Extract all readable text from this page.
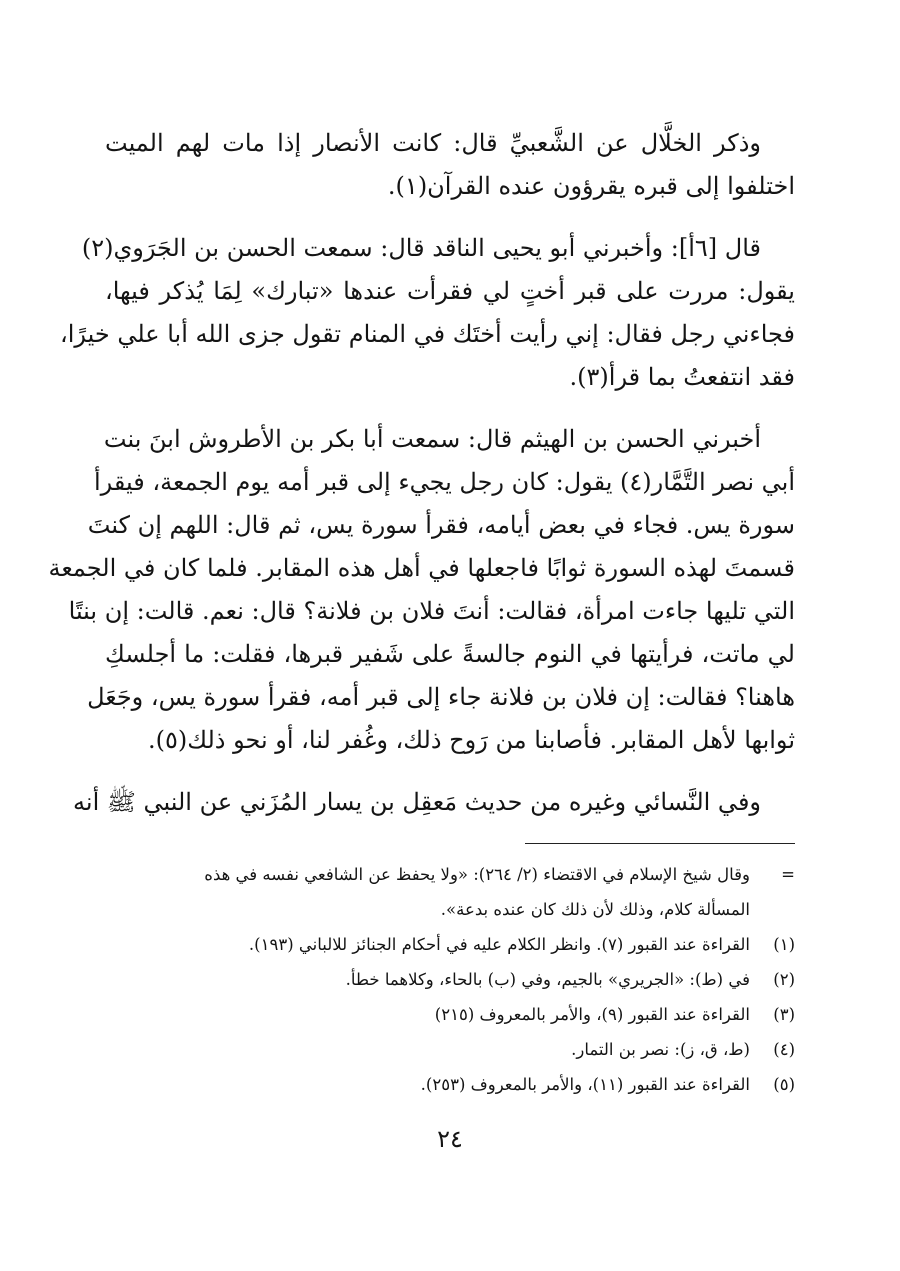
وذكر الخلَّال عن الشَّعبيِّ قال: كانت الأنصار إذا مات لهم الميت
اختلفوا إلى قبره يقرؤون عنده القرآن(١).
قال [٦أ]: وأخبرني أبو يحيى الناقد قال: سمعت الحسن بن الجَرَوي(٢)
يقول: مررت على قبر أختٍ لي فقرأت عندها «تبارك» لِمَا يُذكر فيها،
فجاءني رجل فقال: إني رأيت أختَك في المنام تقول جزى الله أبا علي خيرًا،
فقد انتفعتُ بما قرأ(٣).
أخبرني الحسن بن الهيثم قال: سمعت أبا بكر بن الأطروش ابنَ بنت
أبي نصر التَّمَّار(٤) يقول: كان رجل يجيء إلى قبر أمه يوم الجمعة، فيقرأ
سورة يس. فجاء في بعض أيامه، فقرأ سورة يس، ثم قال: اللهم إن كنتَ
قسمتَ لهذه السورة ثوابًا فاجعلها في أهل هذه المقابر. فلما كان في الجمعة
التي تليها جاءت امرأة، فقالت: أنتَ فلان بن فلانة؟ قال: نعم. قالت: إن بنتًا
لي ماتت، فرأيتها في النوم جالسةً على شَفير قبرها، فقلت: ما أجلسكِ
هاهنا؟ فقالت: إن فلان بن فلانة جاء إلى قبر أمه، فقرأ سورة يس، وجَعَل
ثوابها لأهل المقابر. فأصابنا من رَوح ذلك، وغُفر لنا، أو نحو ذلك(٥).
وفي النَّسائي وغيره من حديث مَعقِل بن يسار المُزَني عن النبي ﷺ أنه
=
وقال شيخ الإسلام في الاقتضاء (٢/ ٢٦٤): «ولا يحفظ عن الشافعي نفسه في هذه
المسألة كلام، وذلك لأن ذلك كان عنده بدعة».
(١)
القراءة عند القبور (٧). وانظر الكلام عليه في أحكام الجنائز للالباني (١٩٣).
(٢)
في (ط): «الجريري» بالجيم، وفي (ب) بالحاء، وكلاهما خطأ.
(٣)
القراءة عند القبور (٩)، والأمر بالمعروف (٢١٥)
(٤)
(ط، ق، ز): نصر بن التمار.
(٥)
القراءة عند القبور (١١)، والأمر بالمعروف (٢٥٣).
٢٤
